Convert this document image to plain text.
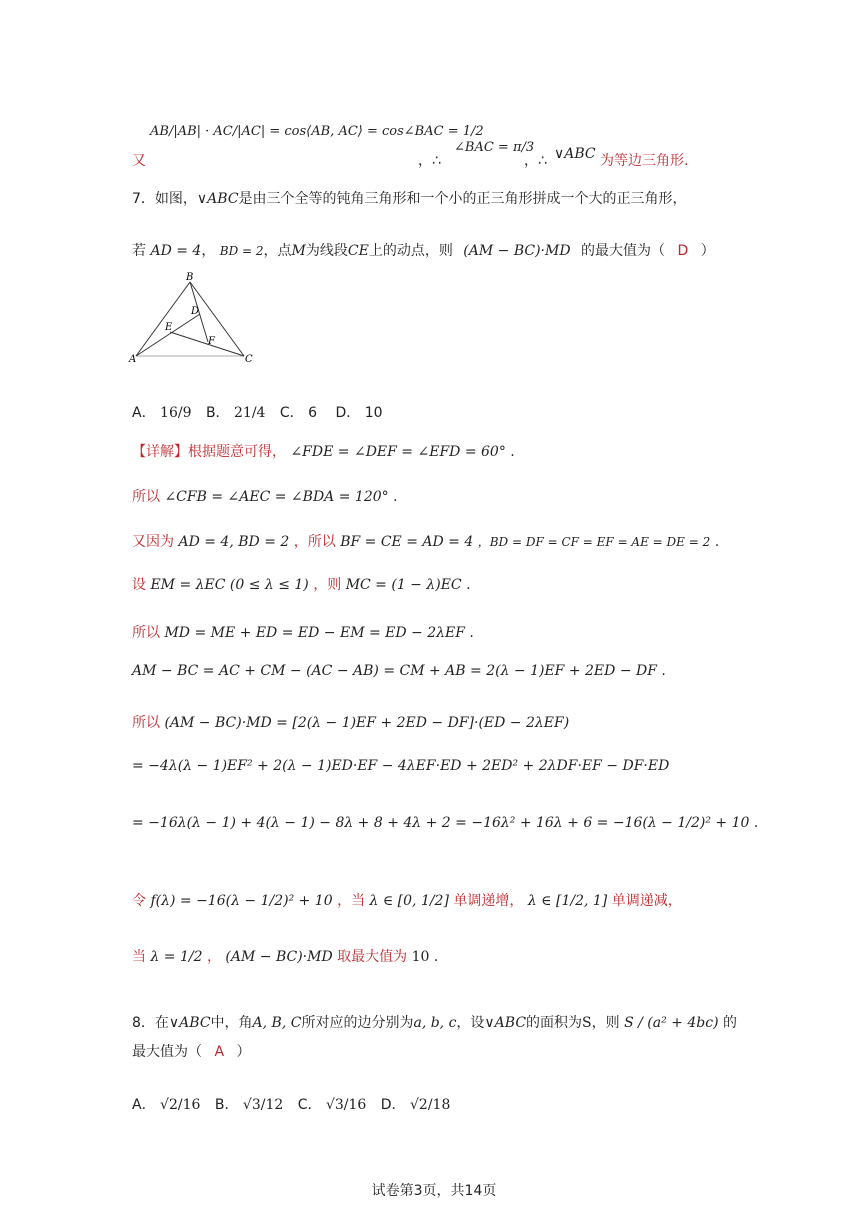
又
AB/|AB| · AC/|AC| = cos⟨AB, AC⟩ = cos∠BAC = 1/2
，∴
∠BAC = π/3
，∴ ∨ABC 为等边三角形.
7．如图，∨ABC是由三个全等的钝角三角形和一个小的正三角形拼成一个大的正三角形，
若 AD = 4， BD = 2，点M为线段CE上的动点，则 (AM − BC)·MD 的最大值为（ D ）
B
A	C
D
E
F
A． 16/9 B． 21/4 C． 6 D． 10
【详解】根据题意可得， ∠FDE = ∠DEF = ∠EFD = 60° .
所以 ∠CFB = ∠AEC = ∠BDA = 120° .
又因为 AD = 4, BD = 2 ，所以 BF = CE = AD = 4 ，BD = DF = CF = EF = AE = DE = 2 .
设 EM = λEC (0 ≤ λ ≤ 1) ，则 MC = (1 − λ)EC .
所以 MD = ME + ED = ED − EM = ED − 2λEF .
AM − BC = AC + CM − (AC − AB) = CM + AB = 2(λ − 1)EF + 2ED − DF .
所以 (AM − BC)·MD = [2(λ − 1)EF + 2ED − DF]·(ED − 2λEF)
= −4λ(λ − 1)EF² + 2(λ − 1)ED·EF − 4λEF·ED + 2ED² + 2λDF·EF − DF·ED
= −16λ(λ − 1) + 4(λ − 1) − 8λ + 8 + 4λ + 2 = −16λ² + 16λ + 6 = −16(λ − 1/2)² + 10 .
令 f(λ) = −16(λ − 1/2)² + 10 ，当 λ ∈ [0, 1/2] 单调递增， λ ∈ [1/2, 1] 单调递减，
当 λ = 1/2 ， (AM − BC)·MD 取最大值为 10 .
8．在∨ABC中，角A, B, C所对应的边分别为a, b, c，设∨ABC的面积为S，则 S / (a² + 4bc) 的
最大值为（ A ）
A． √2/16 B． √3/12 C． √3/16 D． √2/18
试卷第3页，共14页
